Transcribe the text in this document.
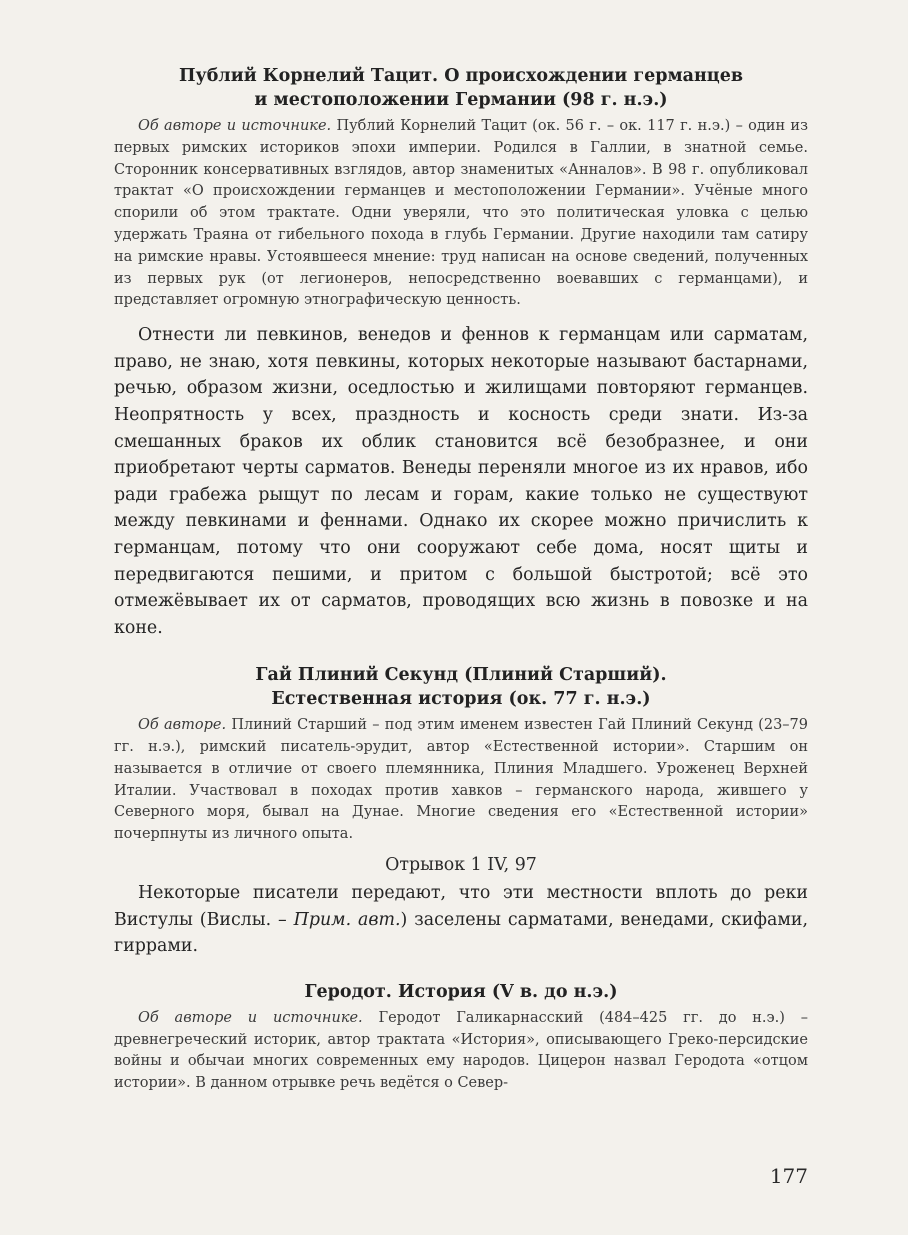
Публий Корнелий Тацит. О происхождении германцев
и местоположении Германии (98 г. н.э.)

Об авторе и источнике. Публий Корнелий Тацит (ок. 56 г. – ок. 117 г. н.э.) – один из первых римских историков эпохи империи. Родился в Галлии, в знатной семье. Сторонник консервативных взглядов, автор знаменитых «Анналов». В 98 г. опубликовал трактат «О происхождении германцев и местоположении Германии». Учёные много спорили об этом трактате. Одни уверяли, что это политическая уловка с целью удержать Траяна от гибельного похода в глубь Германии. Другие находили там сатиру на римские нравы. Устоявшееся мнение: труд написан на основе сведений, полученных из первых рук (от легионеров, непосредственно воевавших с германцами), и представляет огромную этнографическую ценность.

Отнести ли певкинов, венедов и феннов к германцам или сарматам, право, не знаю, хотя певкины, которых некоторые называют бастарнами, речью, образом жизни, оседлостью и жилищами повторяют германцев. Неопрятность у всех, праздность и косность среди знати. Из-за смешанных браков их облик становится всё безобразнее, и они приобретают черты сарматов. Венеды переняли многое из их нравов, ибо ради грабежа рыщут по лесам и горам, какие только не существуют между певкинами и феннами. Однако их скорее можно причислить к германцам, потому что они сооружают себе дома, носят щиты и передвигаются пешими, и притом с большой быстротой; всё это отмежёвывает их от сарматов, проводящих всю жизнь в повозке и на коне.

Гай Плиний Секунд (Плиний Старший).
Естественная история (ок. 77 г. н.э.)

Об авторе. Плиний Старший – под этим именем известен Гай Плиний Секунд (23–79 гг. н.э.), римский писатель-эрудит, автор «Естественной истории». Старшим он называется в отличие от своего племянника, Плиния Младшего. Уроженец Верхней Италии. Участвовал в походах против хавков – германского народа, жившего у Северного моря, бывал на Дунае. Многие сведения его «Естественной истории» почерпнуты из личного опыта.

Отрывок 1 IV, 97

Некоторые писатели передают, что эти местности вплоть до реки Вистулы (Вислы. – Прим. авт.) заселены сарматами, венедами, скифами, гиррами.

Геродот. История (V в. до н.э.)

Об авторе и источнике. Геродот Галикарнасский (484–425 гг. до н.э.) – древнегреческий историк, автор трактата «История», описывающего Греко-персидские войны и обычаи многих современных ему народов. Цицерон назвал Геродота «отцом истории». В данном отрывке речь ведётся о Север-

177
